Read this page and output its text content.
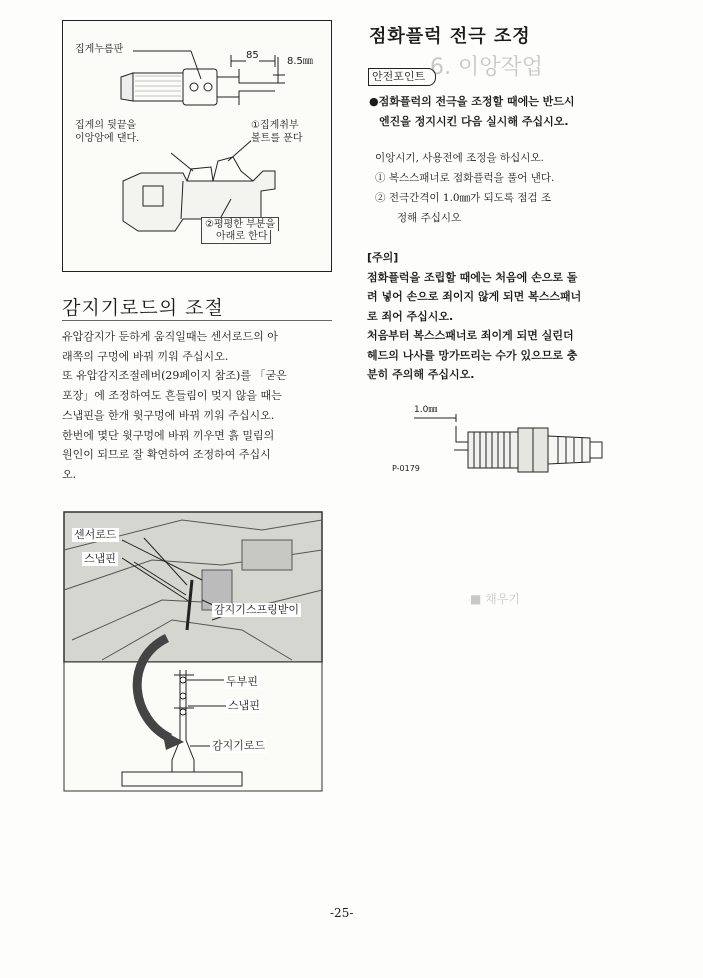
집게누름판
85
8.5㎜
집게의 뒷끝을
이앙암에 댄다.
①집게취부
볼트를 푼다
②평평한 부분을
아래로 한다
감지기로드의 조절

유압감지가 둔하게 움직일때는 센서로드의 아

래쪽의 구멍에 바꿔 끼워 주십시오.

또 유압감지조절레버(29페이지 참조)를 「굳은

포장」에 조정하여도 흔들림이 멎지 않을 때는

스냅핀을 한개 윗구멍에 바꿔 끼워 주십시오.

한번에 몇단 윗구멍에 바꿔 끼우면 흙 밀림의

원인이 되므로 잘 확연하여 조정하여 주십시

오.

센서로드
스냅핀
감지기스프링받이
두부핀
스냅핀
감지기로드
점화플럭 전극 조정
6. 이앙작업
안전포인트

●점화플럭의 전극을 조정할 때에는 반드시

엔진을 정지시킨 다음 실시해 주십시오.

이앙시기, 사용전에 조정을 하십시오.

① 복스스패너로 점화플럭을 풀어 낸다.

② 전극간격이 1.0㎜가 되도록 점검 조

정해 주십시오

[주의]

점화플럭을 조립할 때에는 처음에 손으로 돌

려 넣어 손으로 죄이지 않게 되면 복스스패너

로 죄어 주십시오.

처음부터 복스스패너로 죄이게 되면 실린더

헤드의 나사를 망가뜨리는 수가 있으므로 충

분히 주의해 주십시오.

1.0㎜
P-0179
■ 채우기
-25-
